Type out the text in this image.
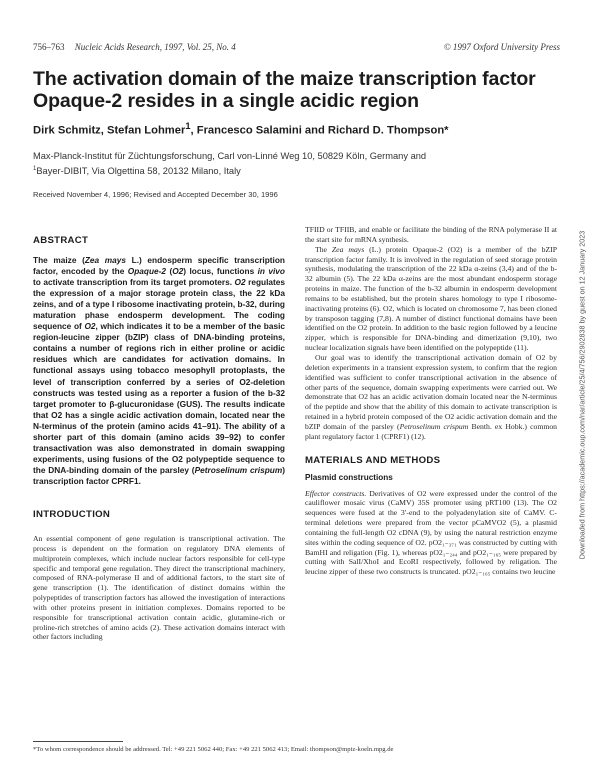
756–763 Nucleic Acids Research, 1997, Vol. 25, No. 4	© 1997 Oxford University Press
The activation domain of the maize transcription factor Opaque-2 resides in a single acidic region
Dirk Schmitz, Stefan Lohmer$^1$, Francesco Salamini and Richard D. Thompson*
Max-Planck-Institut für Züchtungsforschung, Carl von-Linné Weg 10, 50829 Köln, Germany and
$^1$Bayer-DIBIT, Via Olgettina 58, 20132 Milano, Italy
Received November 4, 1996; Revised and Accepted December 30, 1996
ABSTRACT

The maize (Zea mays L.) endosperm specific transcription factor, encoded by the Opaque-2 (O2) locus, functions in vivo to activate transcription from its target promoters. O2 regulates the expression of a major storage protein class, the 22 kDa zeins, and of a type I ribosome inactivating protein, b-32, during maturation phase endosperm development. The coding sequence of O2, which indicates it to be a member of the basic region-leucine zipper (bZIP) class of DNA-binding proteins, contains a number of regions rich in either proline or acidic residues which are candidates for activation domains. In functional assays using tobacco mesophyll protoplasts, the level of transcription conferred by a series of O2-deletion constructs was tested using as a reporter a fusion of the b-32 target promoter to β-glucuronidase (GUS). The results indicate that O2 has a single acidic activation domain, located near the N-terminus of the protein (amino acids 41–91). The ability of a shorter part of this domain (amino acids 39–92) to confer transactivation was also demonstrated in domain swapping experiments, using fusions of the O2 polypeptide sequence to the DNA-binding domain of the parsley (Petroselinum crispum) transcription factor CPRF1.

INTRODUCTION

An essential component of gene regulation is transcriptional activation. The process is dependent on the formation on regulatory DNA elements of multiprotein complexes, which include nuclear factors responsible for cell-type specific and temporal gene regulation. They direct the transcriptional machinery, composed of RNA-polymerase II and of additional factors, to the start site of gene transcription (1). The identification of distinct domains within the polypeptides of transcription factors has allowed the investigation of interactions with other proteins present in initiation complexes. Domains reported to be responsible for transcriptional activation contain acidic, glutamine-rich or proline-rich stretches of amino acids (2). These activation domains interact with other factors including

TFIID or TFIIB, and enable or facilitate the binding of the RNA polymerase II at the start site for mRNA synthesis.

The Zea mays (L.) protein Opaque-2 (O2) is a member of the bZIP transcription factor family. It is involved in the regulation of seed storage protein synthesis, modulating the transcription of the 22 kDa α-zeins (3,4) and of the b-32 albumin (5). The 22 kDa α-zeins are the most abundant endosperm storage proteins in maize. The function of the b-32 albumin in endosperm development remains to be established, but the protein shares homology to type I ribosome-inactivating proteins (6). O2, which is located on chromosome 7, has been cloned by transposon tagging (7,8). A number of distinct functional domains have been identified on the O2 protein. In addition to the basic region followed by a leucine zipper, which is responsible for DNA-binding and dimerization (9,10), two nuclear localization signals have been identified on the polypeptide (11).

Our goal was to identify the transcriptional activation domain of O2 by deletion experiments in a transient expression system, to confirm that the region identified was sufficient to confer transcriptional activation in the absence of other parts of the sequence, domain swapping experiments were carried out. We demonstrate that O2 has an acidic activation domain located near the N-terminus of the peptide and show that the ability of this domain to activate transcription is retained in a hybrid protein composed of the O2 acidic activation domain and the bZIP domain of the parsley (Petroselinum crispum Benth. ex Hobk.) common plant regulatory factor 1 (CPRF1) (12).

MATERIALS AND METHODS
Plasmid constructions

Effector constructs. Derivatives of O2 were expressed under the control of the cauliflower mosaic virus (CaMV) 35S promoter using pRT100 (13). The O2 sequences were fused at the 3′-end to the polyadenylation site of CaMV. C-terminal deletions were prepared from the vector pCaMVO2 (5), a plasmid containing the full-length O2 cDNA (9), by using the natural restriction enzyme sites within the coding sequence of O2. pO2₁₋₃₇₁ was constructed by cutting with BamHI and religation (Fig. 1), whereas pO2₁₋₂₄₄ and pO2₁₋₁₆₅ were prepared by cutting with SalI/XhoI and EcoRI respectively, followed by religation. The leucine zipper of these two constructs is truncated. pO2₁₋₁₆₅ contains two leucine

*To whom correspondence should be addressed. Tel: +49 221 5062 440; Fax: +49 221 5062 413; Email: thompson@mpiz-koeln.mpg.de
Downloaded from https://academic.oup.com/nar/article/25/4/756/2902838 by guest on 12 January 2023
